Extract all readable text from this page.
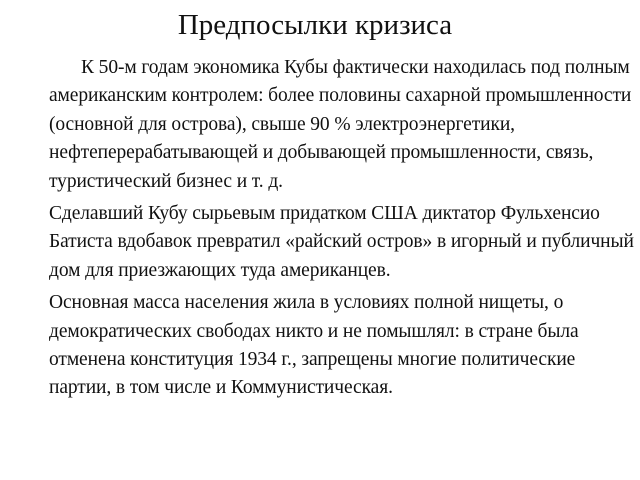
Предпосылки кризиса

К 50-м годам экономика Кубы фактически находилась под полным американским контролем: более половины сахарной промышленности (основной для острова), свыше 90 % электроэнергетики, нефтеперерабатывающей и добывающей промышленности, связь, туристический бизнес и т. д.

Сделавший Кубу сырьевым придатком США диктатор Фульхенсио Батиста вдобавок превратил «райский остров» в игорный и публичный дом для приезжающих туда американцев.

Основная масса населения жила в условиях полной нищеты, о демократических свободах никто и не помышлял: в стране была отменена конституция 1934 г., запрещены многие политические партии, в том числе и Коммунистическая.
